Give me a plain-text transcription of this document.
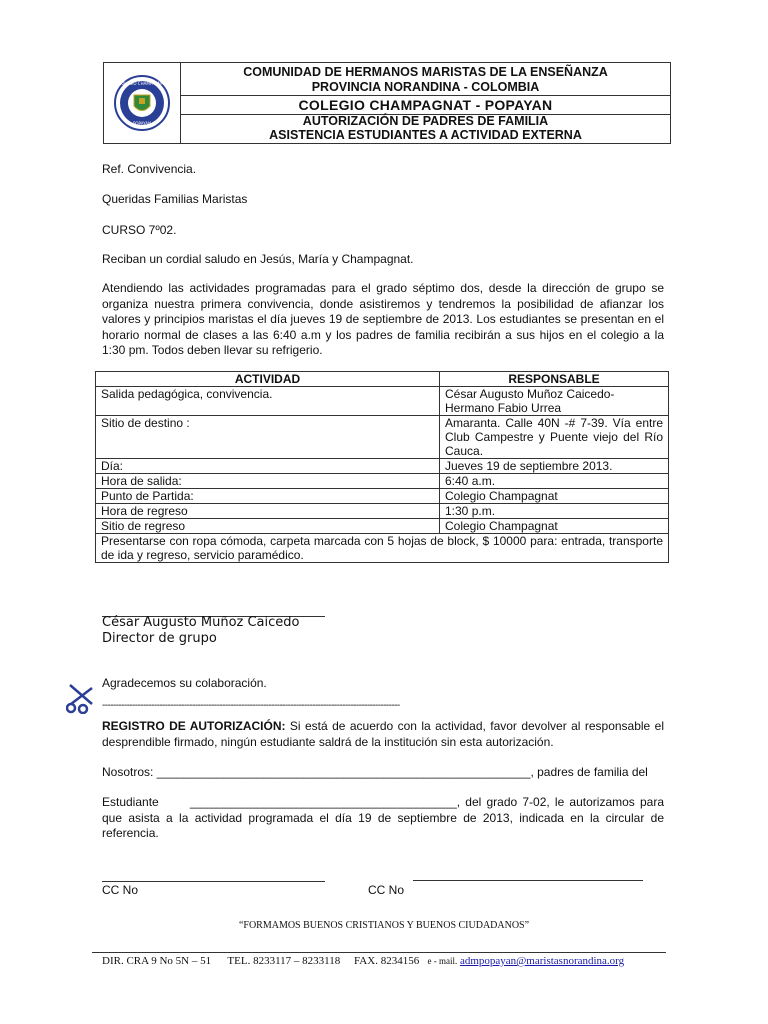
COLEGIO CHAMPAGNAT
POPAYAN
COMUNIDAD DE HERMANOS MARISTAS DE LA ENSEÑANZA
PROVINCIA NORANDINA - COLOMBIA
COLEGIO CHAMPAGNAT - POPAYAN
AUTORIZACIÓN DE PADRES DE FAMILIA
ASISTENCIA ESTUDIANTES A ACTIVIDAD EXTERNA
Ref. Convivencia.
Queridas Familias Maristas
CURSO 7º02.
Reciban un cordial saludo en Jesús, María y Champagnat.
Atendiendo las actividades programadas para el grado séptimo dos, desde la dirección de grupo se organiza nuestra primera convivencia, donde asistiremos y tendremos la posibilidad de afianzar los valores y principios maristas el día jueves 19 de septiembre de 2013. Los estudiantes se presentan en el horario normal de clases a las 6:40 a.m y los padres de familia recibirán a sus hijos en el colegio a la 1:30 pm. Todos deben llevar su refrigerio.
ACTIVIDAD	RESPONSABLE
Salida pedagógica, convivencia.	César Augusto Muñoz Caicedo- Hermano Fabio Urrea
Sitio de destino :	Amaranta. Calle 40N -# 7-39. Vía entre Club Campestre y Puente viejo del Río Cauca.
Día:	Jueves 19 de septiembre 2013.
Hora de salida:	6:40 a.m.
Punto de Partida:	Colegio Champagnat
Hora de regreso	1:30 p.m.
Sitio de regreso	Colegio Champagnat
Presentarse con ropa cómoda, carpeta marcada con 5 hojas de block, $ 10000 para: entrada, transporte de ida y regreso, servicio paramédico.	
César Augusto Muñoz Caicedo
Director de grupo
Agradecemos su colaboración.
-------------------------------------------------------------------------------------------------------------
REGISTRO DE AUTORIZACIÓN: Si está de acuerdo con la actividad, favor devolver al responsable el desprendible firmado, ningún estudiante saldrá de la institución sin esta autorización.
Nosotros: ________________________________________________________, padres de familia del
Estudiante	________________________________________, del grado 7-02, le autorizamos para que asista a la actividad programada el día 19 de septiembre de 2013, indicada en la circular de referencia.
CC No	CC No
“FORMAMOS BUENOS CRISTIANOS Y BUENOS CIUDADANOS”
DIR. CRA 9 No 5N – 51 TEL. 8233117 – 8233118 FAX. 8234156 e - mail. admpopayan@maristasnorandina.org
